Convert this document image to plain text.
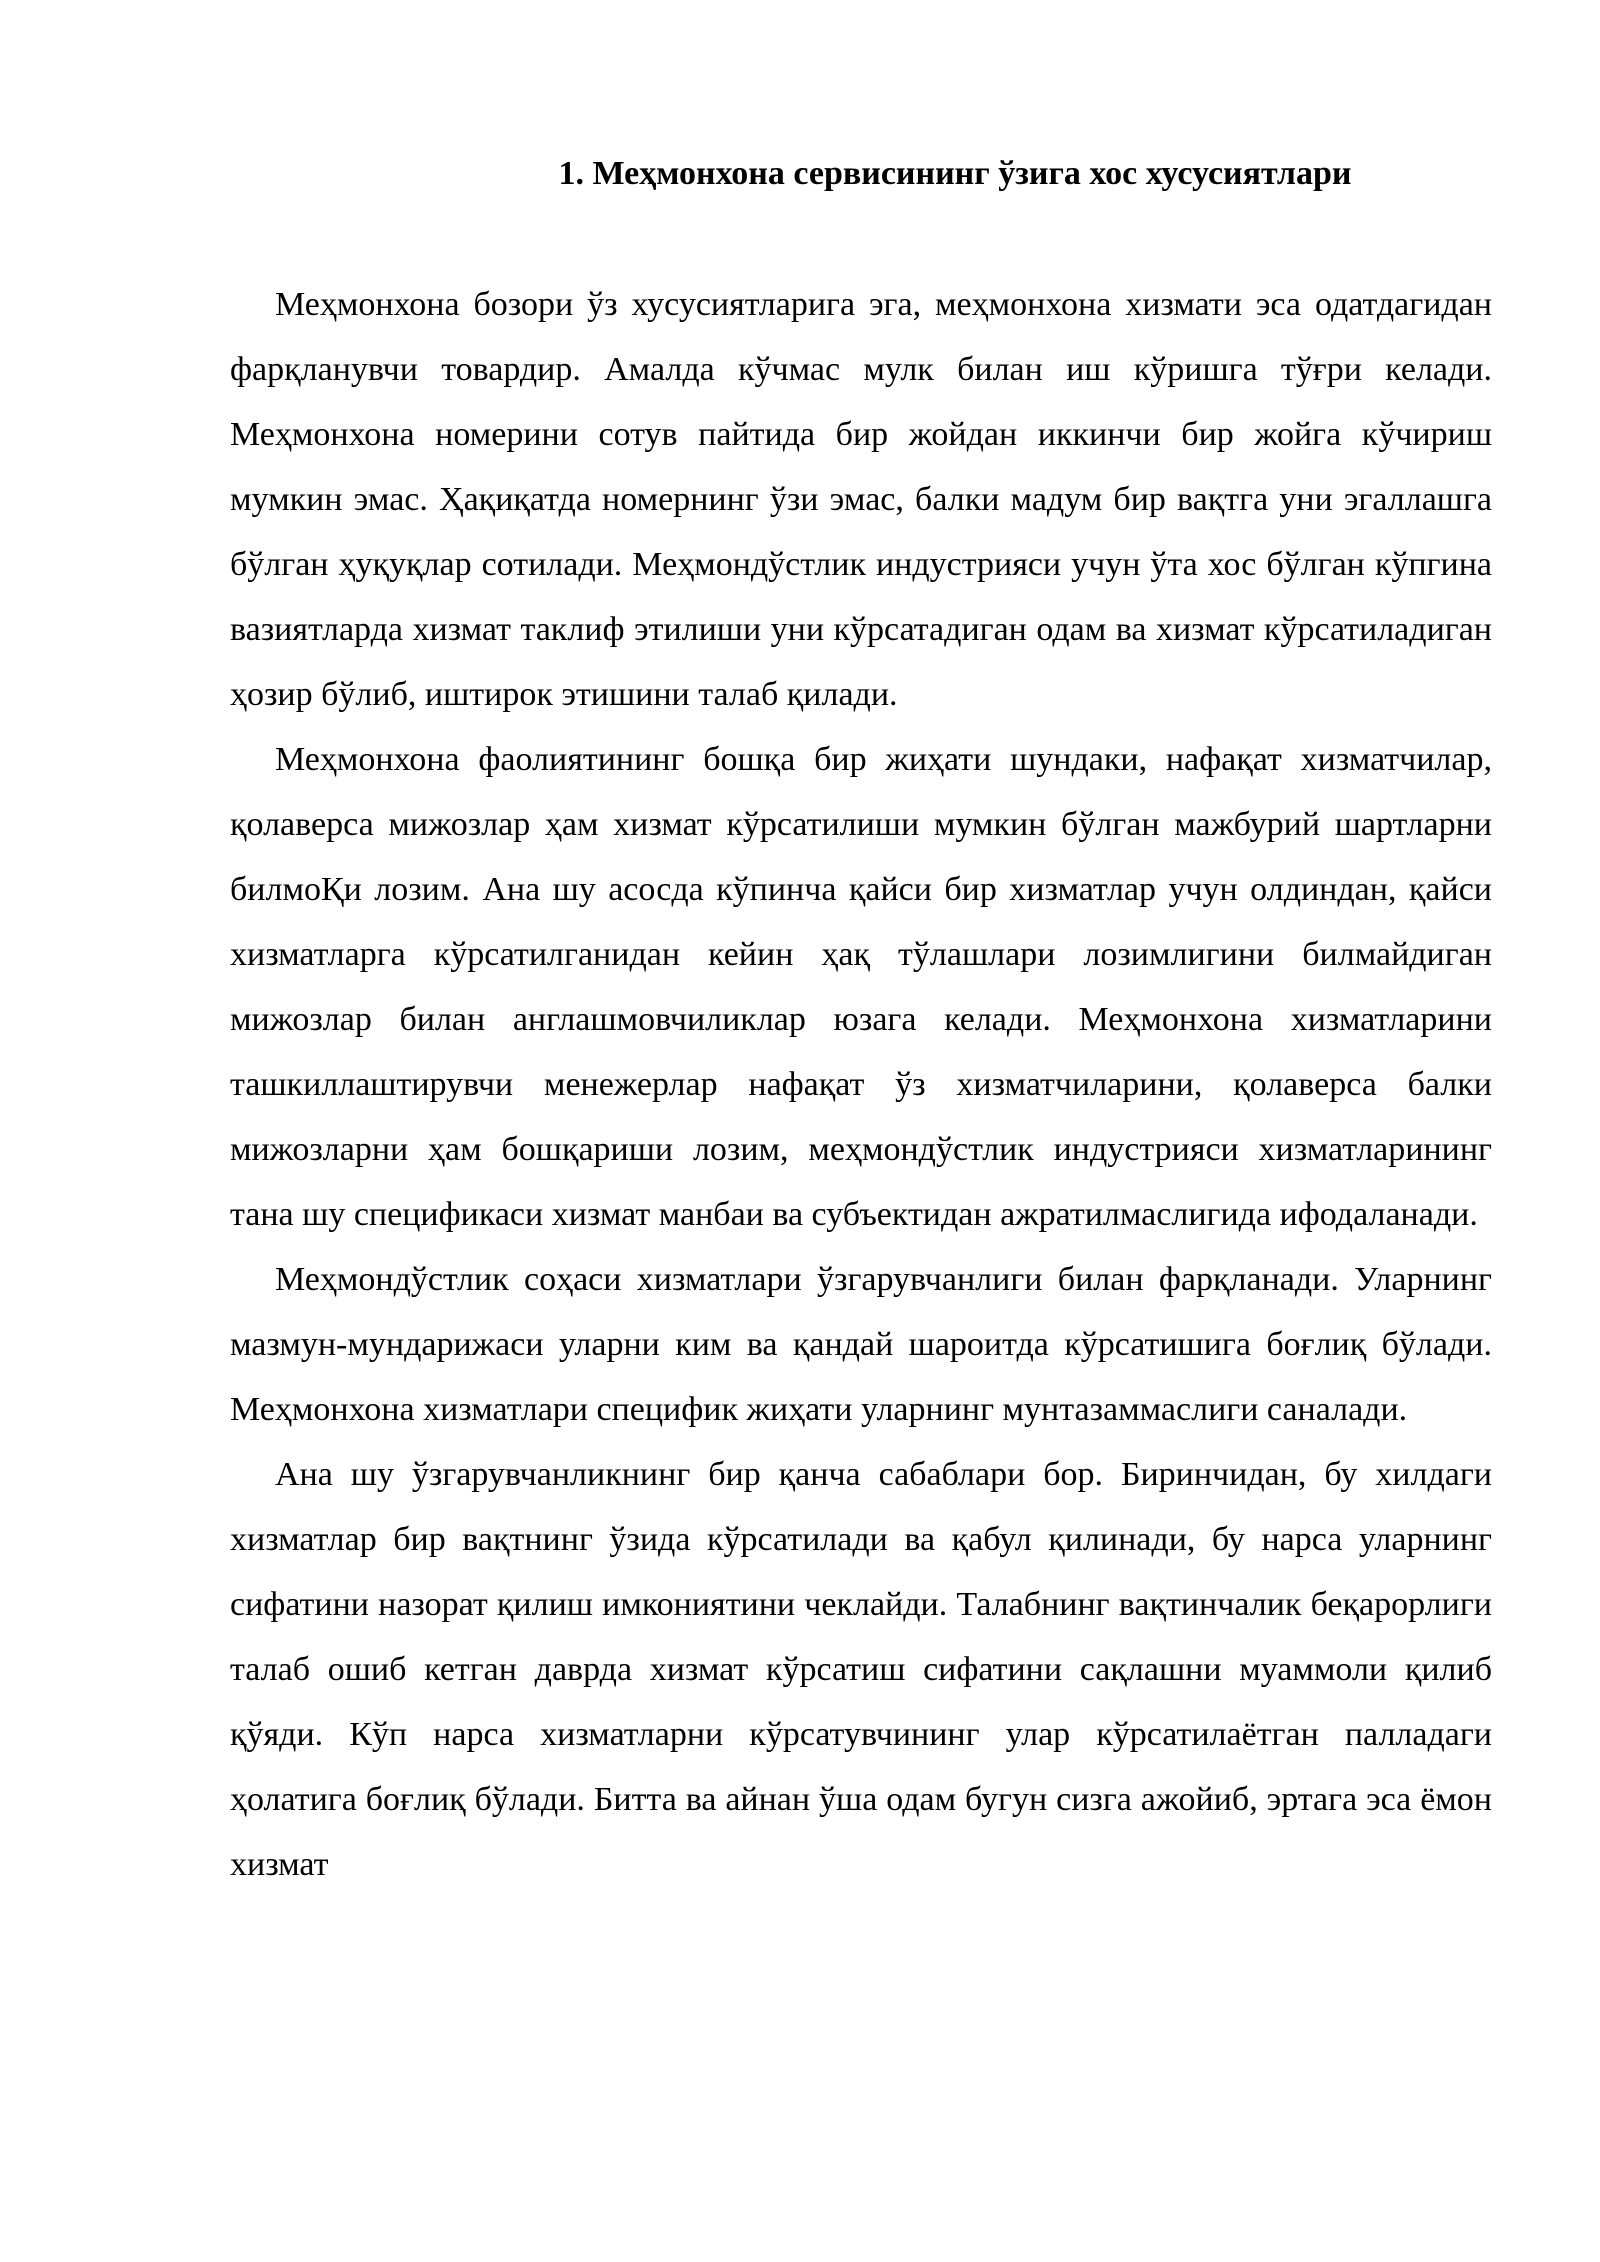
1. Меҳмонхона сервисининг ўзига хос хусусиятлари

Меҳмонхона бозори ўз хусусиятларига эга, меҳмонхона хизмати эса одатдагидан фарқланувчи товардир. Амалда кўчмас мулк билан иш кўришга тўғри келади. Меҳмонхона номерини сотув пайтида бир жойдан иккинчи бир жойга кўчириш мумкин эмас. Ҳақиқатда номернинг ўзи эмас, балки мадум бир вақтга уни эгаллашга бўлган ҳуқуқлар сотилади. Меҳмондўстлик индустрияси учун ўта хос бўлган кўпгина вазиятларда хизмат таклиф этилиши уни кўрсатадиган одам ва хизмат кўрсатиладиган ҳозир бўлиб, иштирок этишини талаб қилади.

Меҳмонхона фаолиятининг бошқа бир жиҳати шундаки, нафақат хизматчилар, қолаверса мижозлар ҳам хизмат кўрсатилиши мумкин бўлган мажбурий шартларни билмоҚи лозим. Ана шу асосда кўпинча қайси бир хизматлар учун олдиндан, қайси хизматларга кўрсатилганидан кейин ҳақ тўлашлари лозимлигини билмайдиган мижозлар билан англашмовчиликлар юзага келади. Меҳмонхона хизматларини ташкиллаштирувчи менежерлар нафақат ўз хизматчиларини, қолаверса балки мижозларни ҳам бошқариши лозим, меҳмондўстлик индустрияси хизматларининг тана шу спецификаси хизмат манбаи ва субъектидан ажратилмаслигида ифодаланади.

Меҳмондўстлик соҳаси хизматлари ўзгарувчанлиги билан фарқланади. Уларнинг мазмун-мундарижаси уларни ким ва қандай шароитда кўрсатишига боғлиқ бўлади. Меҳмонхона хизматлари специфик жиҳати уларнинг мунтазаммаслиги саналади.

Ана шу ўзгарувчанликнинг бир қанча сабаблари бор. Биринчидан, бу хилдаги хизматлар бир вақтнинг ўзида кўрсатилади ва қабул қилинади, бу нарса уларнинг сифатини назорат қилиш имкониятини чеклайди. Талабнинг вақтинчалик беқарорлиги талаб ошиб кетган даврда хизмат кўрсатиш сифатини сақлашни муаммоли қилиб қўяди. Кўп нарса хизматларни кўрсатувчининг улар кўрсатилаётган палладаги ҳолатига боғлиқ бўлади. Битта ва айнан ўша одам бугун сизга ажойиб, эртага эса ёмон хизмат
